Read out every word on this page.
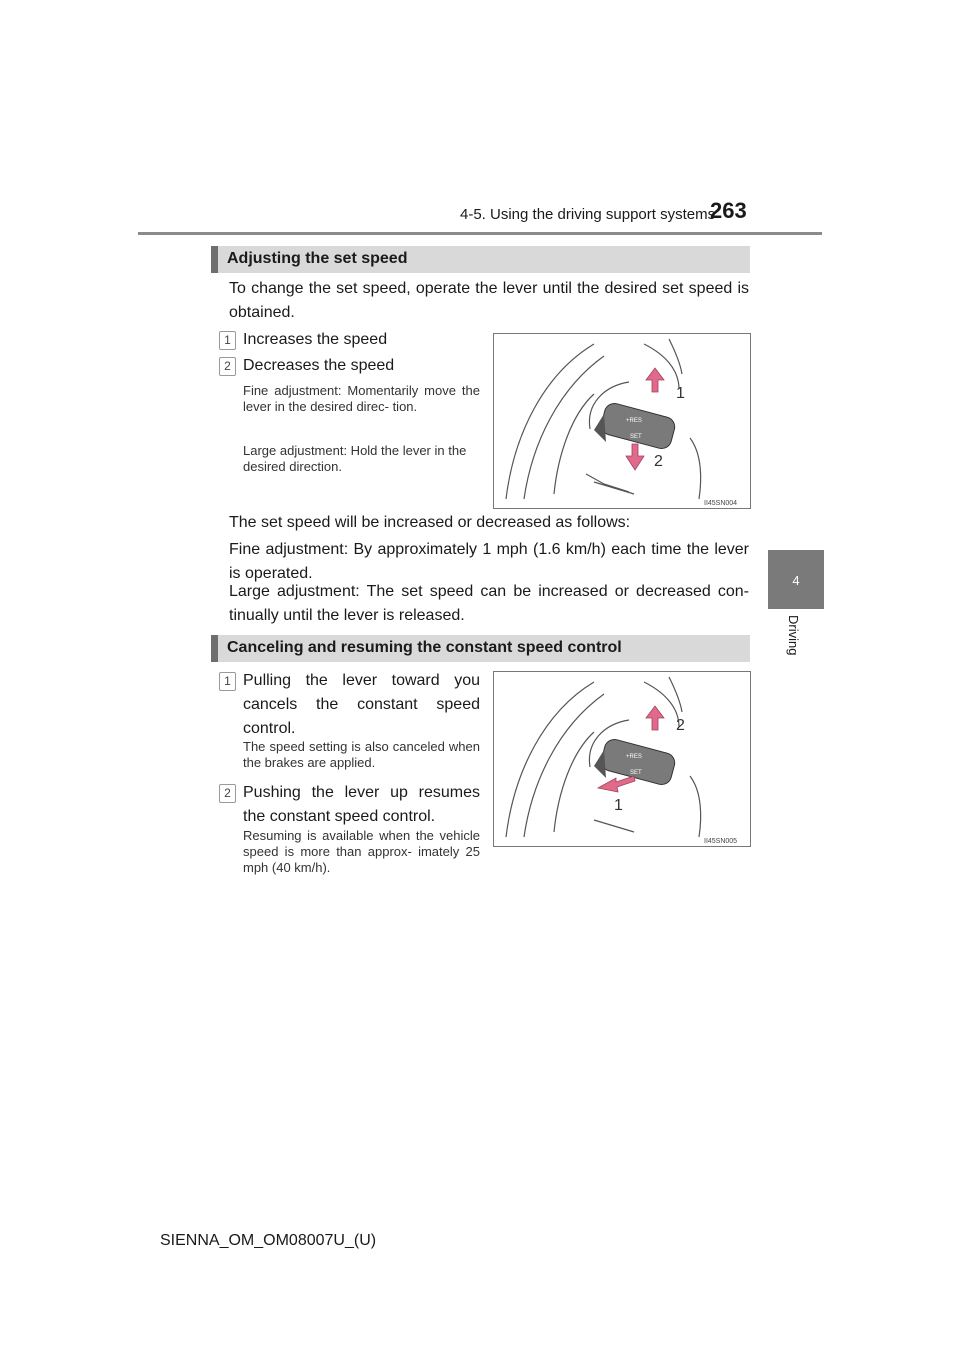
4-5. Using the driving support systems
263
4
Driving
Adjusting the set speed
To change the set speed, operate the lever until the desired set speed is obtained.
1 Increases the speed
2 Decreases the speed
Fine adjustment: Momentarily move the lever in the desired direc- tion.
Large adjustment: Hold the lever in the desired direction.
+RES
SET
1
2
II45SN004
The set speed will be increased or decreased as follows:
Fine adjustment: By approximately 1 mph (1.6 km/h) each time the lever is operated.
Large adjustment: The set speed can be increased or decreased con- tinually until the lever is released.
Canceling and resuming the constant speed control
1 Pulling the lever toward you cancels the constant speed control.
The speed setting is also canceled when the brakes are applied.
2 Pushing the lever up resumes the constant speed control.
Resuming is available when the vehicle speed is more than approx- imately 25 mph (40 km/h).
+RES
SET
2
1
II45SN005
SIENNA_OM_OM08007U_(U)
